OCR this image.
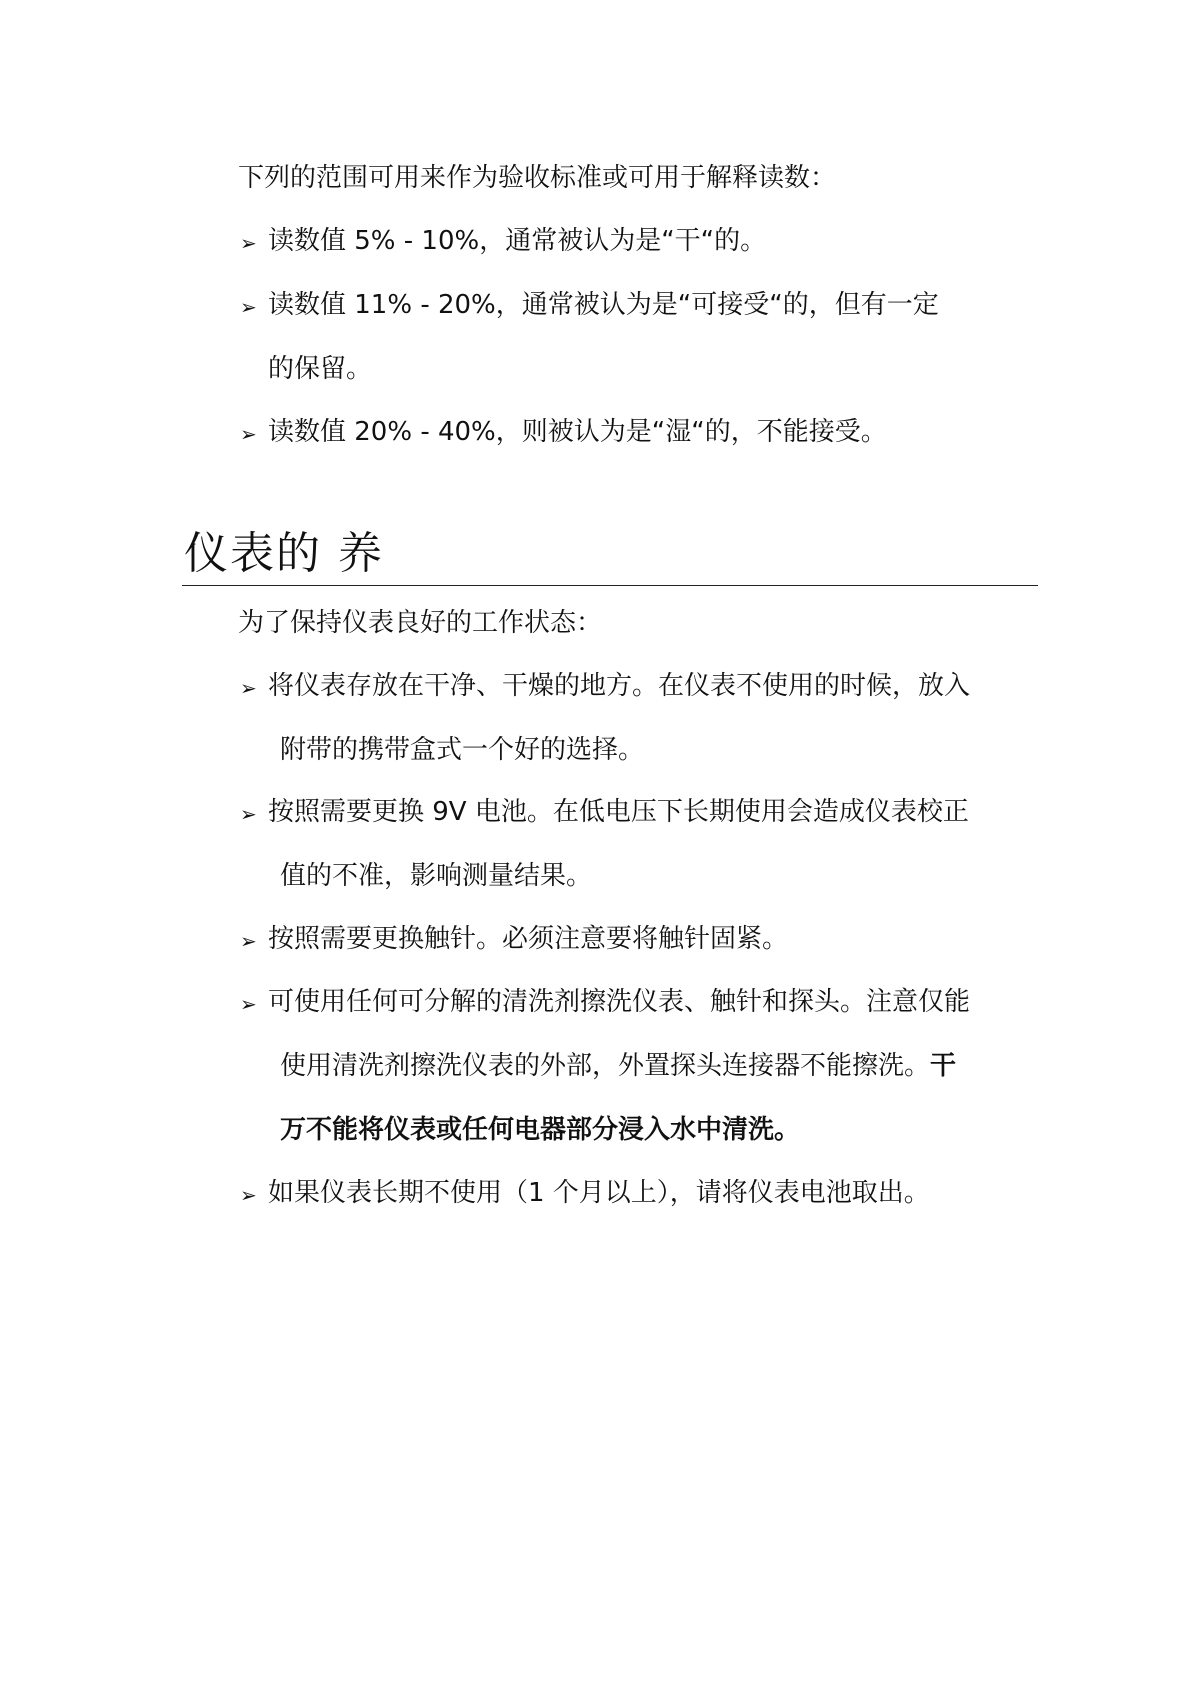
下列的范围可用来作为验收标准或可用于解释读数：
➢ 读数值 5% - 10%，通常被认为是“干“的。
➢ 读数值 11% - 20%，通常被认为是“可接受“的，但有一定
的保留。
➢ 读数值 20% - 40%，则被认为是“湿“的，不能接受。
仪表的 养
为了保持仪表良好的工作状态：
➢ 将仪表存放在干净、干燥的地方。在仪表不使用的时候，放入
附带的携带盒式一个好的选择。
➢ 按照需要更换 9V 电池。在低电压下长期使用会造成仪表校正
值的不准，影响测量结果。
➢ 按照需要更换触针。必须注意要将触针固紧。
➢ 可使用任何可分解的清洗剂擦洗仪表、触针和探头。注意仅能
使用清洗剂擦洗仪表的外部，外置探头连接器不能擦洗。干
万不能将仪表或任何电器部分浸入水中清洗。
➢ 如果仪表长期不使用（1 个月以上），请将仪表电池取出。
